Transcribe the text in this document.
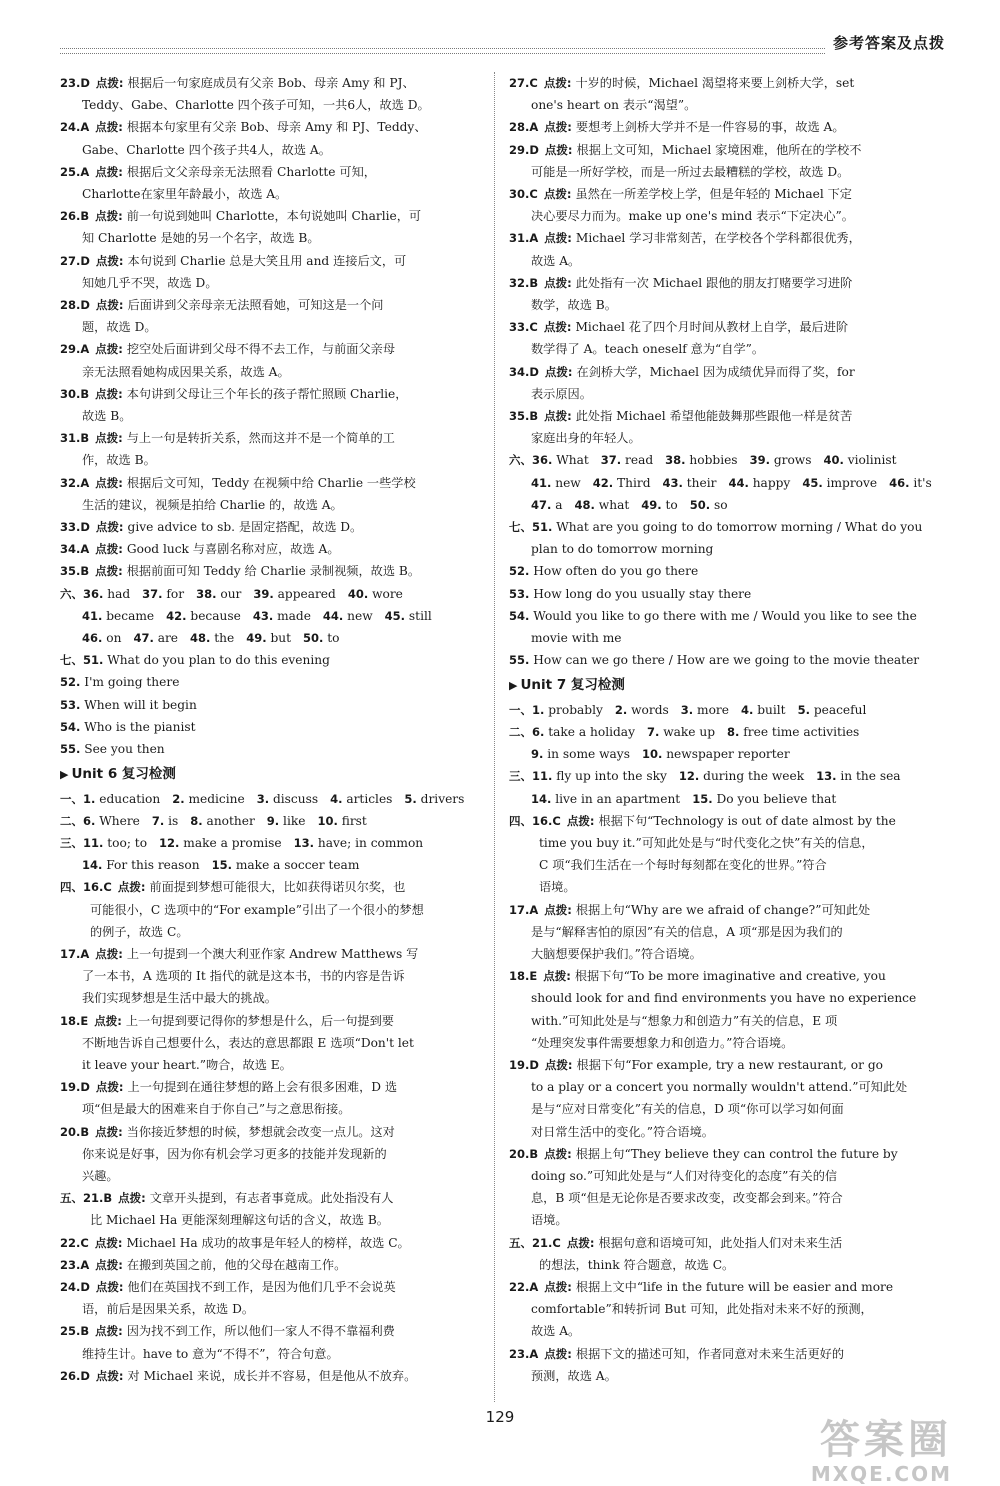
参考答案及点拨
23.D 点拨: 根据后一句家庭成员有父亲 Bob、母亲 Amy 和 PJ、
Teddy、Gabe、Charlotte 四个孩子可知，一共6人，故选 D。
24.A 点拨: 根据本句家里有父亲 Bob、母亲 Amy 和 PJ、Teddy、
Gabe、Charlotte 四个孩子共4人，故选 A。
25.A 点拨: 根据后文父亲母亲无法照看 Charlotte 可知，
Charlotte在家里年龄最小，故选 A。
26.B 点拨: 前一句说到她叫 Charlotte，本句说她叫 Charlie，可
知 Charlotte 是她的另一个名字，故选 B。
27.D 点拨: 本句说到 Charlie 总是大笑且用 and 连接后文，可
知她几乎不哭，故选 D。
28.D 点拨: 后面讲到父亲母亲无法照看她，可知这是一个问
题，故选 D。
29.A 点拨: 挖空处后面讲到父母不得不去工作，与前面父亲母
亲无法照看她构成因果关系，故选 A。
30.B 点拨: 本句讲到父母让三个年长的孩子帮忙照顾 Charlie，
故选 B。
31.B 点拨: 与上一句是转折关系，然而这并不是一个简单的工
作，故选 B。
32.A 点拨: 根据后文可知，Teddy 在视频中给 Charlie 一些学校
生活的建议，视频是拍给 Charlie 的，故选 A。
33.D 点拨: give advice to sb. 是固定搭配，故选 D。
34.A 点拨: Good luck 与喜剧名称对应，故选 A。
35.B 点拨: 根据前面可知 Teddy 给 Charlie 录制视频，故选 B。
六、36. had 37. for 38. our 39. appeared 40. wore
41. became 42. because 43. made 44. new 45. still
46. on 47. are 48. the 49. but 50. to
七、51. What do you plan to do this evening
52. I'm going there
53. When will it begin
54. Who is the pianist
55. See you then
▶ Unit 6 复习检测
一、1. education 2. medicine 3. discuss 4. articles 5. drivers
二、6. Where 7. is 8. another 9. like 10. first
三、11. too; to 12. make a promise 13. have; in common
14. For this reason 15. make a soccer team
四、16.C 点拨: 前面提到梦想可能很大，比如获得诺贝尔奖，也
可能很小，C 选项中的“For example”引出了一个很小的梦想
的例子，故选 C。
17.A 点拨: 上一句提到一个澳大利亚作家 Andrew Matthews 写
了一本书，A 选项的 It 指代的就是这本书，书的内容是告诉
我们实现梦想是生活中最大的挑战。
18.E 点拨: 上一句提到要记得你的梦想是什么，后一句提到要
不断地告诉自己想要什么，表达的意思都跟 E 选项“Don't let
it leave your heart.”吻合，故选 E。
19.D 点拨: 上一句提到在通往梦想的路上会有很多困难，D 选
项“但是最大的困难来自于你自己”与之意思衔接。
20.B 点拨: 当你接近梦想的时候，梦想就会改变一点儿。这对
你来说是好事，因为你有机会学习更多的技能并发现新的
兴趣。
五、21.B 点拨: 文章开头提到，有志者事竟成。此处指没有人
比 Michael Ha 更能深刻理解这句话的含义，故选 B。
22.C 点拨: Michael Ha 成功的故事是年轻人的榜样，故选 C。
23.A 点拨: 在搬到英国之前，他的父母在越南工作。
24.D 点拨: 他们在英国找不到工作，是因为他们几乎不会说英
语，前后是因果关系，故选 D。
25.B 点拨: 因为找不到工作，所以他们一家人不得不靠福利费
维持生计。have to 意为“不得不”，符合句意。
26.D 点拨: 对 Michael 来说，成长并不容易，但是他从不放弃。
27.C 点拨: 十岁的时候，Michael 渴望将来要上剑桥大学，set
one's heart on 表示“渴望”。
28.A 点拨: 要想考上剑桥大学并不是一件容易的事，故选 A。
29.D 点拨: 根据上文可知，Michael 家境困难，他所在的学校不
可能是一所好学校，而是一所过去最糟糕的学校，故选 D。
30.C 点拨: 虽然在一所差学校上学，但是年轻的 Michael 下定
决心要尽力而为。make up one's mind 表示“下定决心”。
31.A 点拨: Michael 学习非常刻苦，在学校各个学科都很优秀，
故选 A。
32.B 点拨: 此处指有一次 Michael 跟他的朋友打赌要学习进阶
数学，故选 B。
33.C 点拨: Michael 花了四个月时间从教材上自学，最后进阶
数学得了 A。teach oneself 意为“自学”。
34.D 点拨: 在剑桥大学，Michael 因为成绩优异而得了奖，for
表示原因。
35.B 点拨: 此处指 Michael 希望他能鼓舞那些跟他一样是贫苦
家庭出身的年轻人。
六、36. What 37. read 38. hobbies 39. grows 40. violinist
41. new 42. Third 43. their 44. happy 45. improve 46. it's
47. a 48. what 49. to 50. so
七、51. What are you going to do tomorrow morning / What do you
plan to do tomorrow morning
52. How often do you go there
53. How long do you usually stay there
54. Would you like to go there with me / Would you like to see the
movie with me
55. How can we go there / How are we going to the movie theater
▶ Unit 7 复习检测
一、1. probably 2. words 3. more 4. built 5. peaceful
二、6. take a holiday 7. wake up 8. free time activities
9. in some ways 10. newspaper reporter
三、11. fly up into the sky 12. during the week 13. in the sea
14. live in an apartment 15. Do you believe that
四、16.C 点拨: 根据下句“Technology is out of date almost by the
time you buy it.”可知此处是与“时代变化之快”有关的信息，
C 项“我们生活在一个每时每刻都在变化的世界。”符合
语境。
17.A 点拨: 根据上句“Why are we afraid of change?”可知此处
是与“解释害怕的原因”有关的信息，A 项“那是因为我们的
大脑想要保护我们。”符合语境。
18.E 点拨: 根据下句“To be more imaginative and creative, you
should look for and find environments you have no experience
with.”可知此处是与“想象力和创造力”有关的信息，E 项
“处理突发事件需要想象力和创造力。”符合语境。
19.D 点拨: 根据下句“For example, try a new restaurant, or go
to a play or a concert you normally wouldn't attend.”可知此处
是与“应对日常变化”有关的信息，D 项“你可以学习如何面
对日常生活中的变化。”符合语境。
20.B 点拨: 根据上句“They believe they can control the future by
doing so.”可知此处是与“人们对待变化的态度”有关的信
息，B 项“但是无论你是否要求改变，改变都会到来。”符合
语境。
五、21.C 点拨: 根据句意和语境可知，此处指人们对未来生活
的想法，think 符合题意，故选 C。
22.A 点拨: 根据上文中“life in the future will be easier and more
comfortable”和转折词 But 可知，此处指对未来不好的预测，
故选 A。
23.A 点拨: 根据下文的描述可知，作者同意对未来生活更好的
预测，故选 A。
129	答案圈
MXQE.COM
